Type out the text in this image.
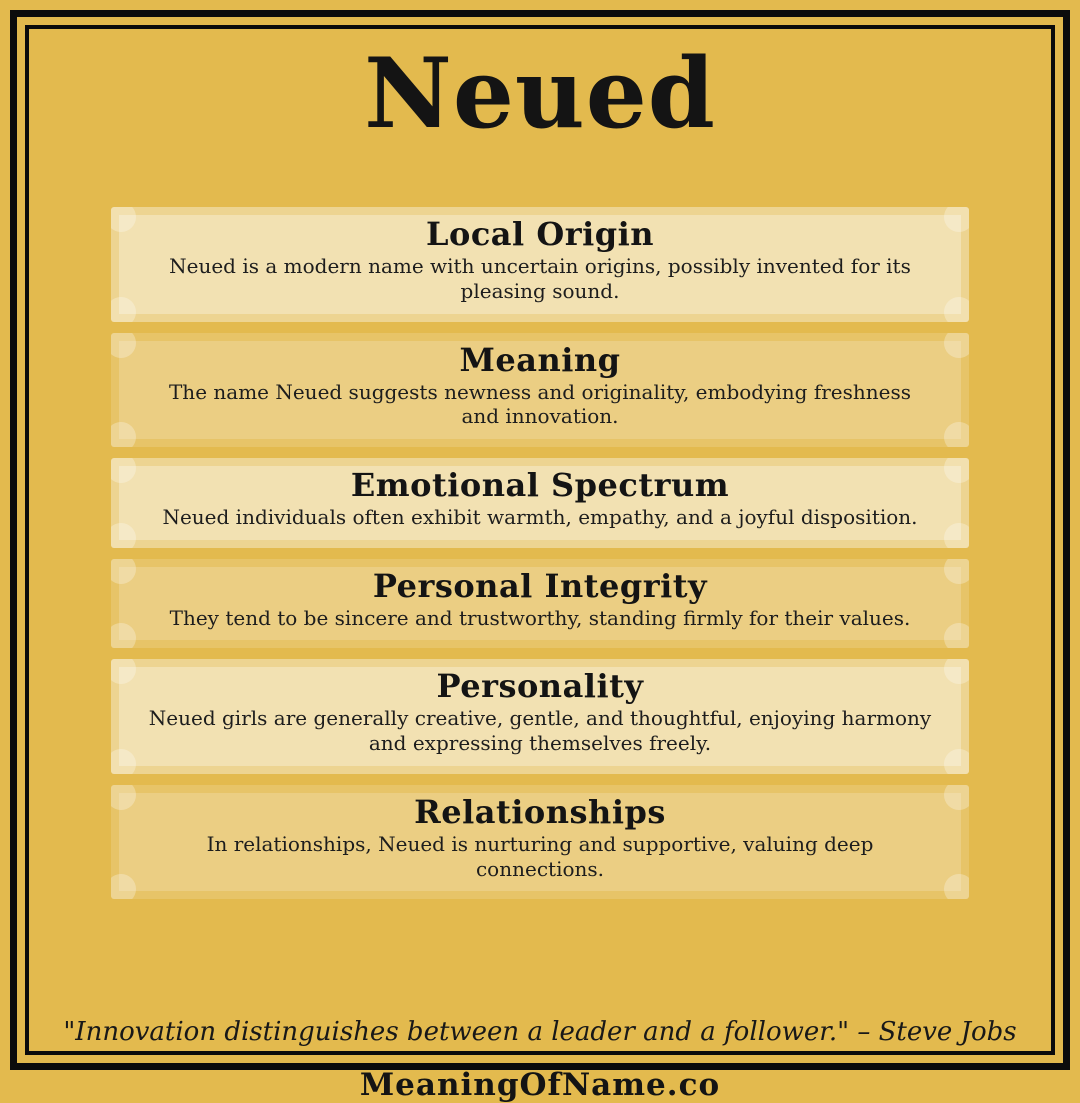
Neued
Local Origin

Neued is a modern name with uncertain origins, possibly invented for its pleasing sound.

Meaning

The name Neued suggests newness and originality, embodying freshness and innovation.

Emotional Spectrum

Neued individuals often exhibit warmth, empathy, and a joyful disposition.

Personal Integrity

They tend to be sincere and trustworthy, standing firmly for their values.

Personality

Neued girls are generally creative, gentle, and thoughtful, enjoying harmony and expressing themselves freely.

Relationships

In relationships, Neued is nurturing and supportive, valuing deep connections.

"Innovation distinguishes between a leader and a follower." – Steve Jobs

MeaningOfName.co
